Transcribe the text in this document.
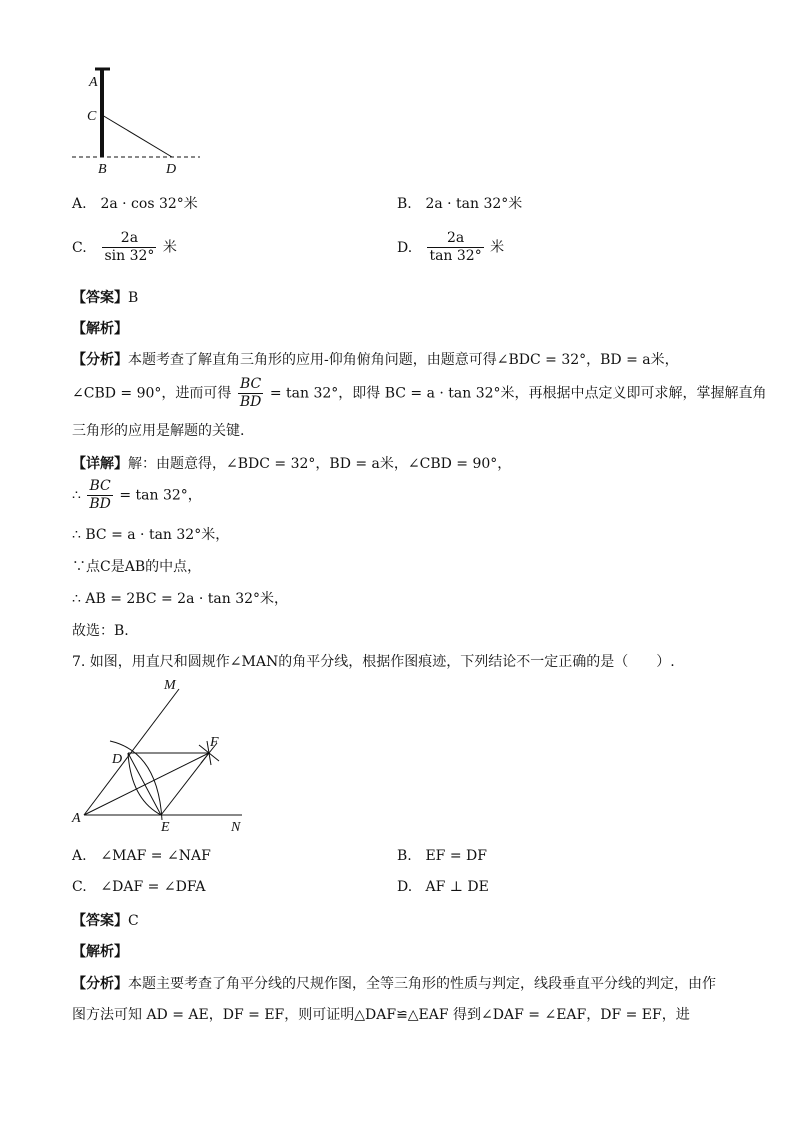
A
C
B	D
A. 2a · cos 32°米	B. 2a · tan 32°米
C. $\frac{2a}{\sin 32^\circ}$ 米	D. $\frac{2a}{\tan 32^\circ}$ 米
【答案】B
【解析】
【分析】本题考查了解直角三角形的应用‑仰角俯角问题，由题意可得∠BDC = 32°，BD = a米，
∠CBD = 90°，进而可得 $\frac{BC}{BD} = \tan 32^\circ$，即得 BC = a · tan 32°米，再根据中点定义即可求解，掌握解直角
三角形的应用是解题的关键.
【详解】解：由题意得，∠BDC = 32°，BD = a米，∠CBD = 90°，
∴ $\frac{BC}{BD} = \tan 32^\circ$，
∴ BC = a · tan 32°米，
∵点C是AB的中点，
∴ AB = 2BC = 2a · tan 32°米，
故选：B.
7. 如图，用直尺和圆规作∠MAN的角平分线，根据作图痕迹，下列结论不一定正确的是（　　）.
M
F
D
A
E	N
A. ∠MAF = ∠NAF	B. EF = DF
C. ∠DAF = ∠DFA	D. AF ⊥ DE
【答案】C
【解析】
【分析】本题主要考查了角平分线的尺规作图，全等三角形的性质与判定，线段垂直平分线的判定，由作
图方法可知 AD = AE，DF = EF，则可证明△DAF≌△EAF 得到∠DAF = ∠EAF，DF = EF，进
